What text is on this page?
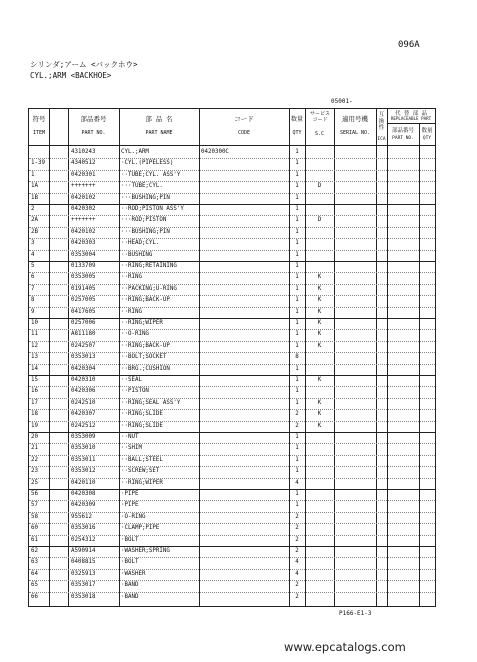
096A
シリンダ;アーム <バックホウ>
CYL.;ARM <BACKHOE>
05001-
符号
ITEM
部品番号
PART NO.
部 品 名
PART NAME
コード
CODE
数量
QTY
サービス コード
S.C
適用号機
SERIAL NO.
互換性
ICA
代 替 部 品
REPLACEABLE PART
部品番号
PART NO.
数量
QTY
4310243	CYL.;ARM	0420300C	1
1-39	4340512	·CYL.(PIPELESS)	1
1	0420301	··TUBE;CYL. ASS'Y	1
1A	+++++++	···TUBE;CYL.	1	D
1B	0420102	···BUSHING;PIN	1
2	0420302	··ROD;PISTON ASS'Y	1
2A	+++++++	···ROD;PISTON	1	D
2B	0420102	···BUSHING;PIN	1
3	0420303	··HEAD;CYL.	1
4	0353004	··BUSHING	1
5	0133709	··RING;RETAINING	1
6	0353005	··RING	1	K
7	0191405	··PACKING;U-RING	1	K
8	0257005	··RING;BACK-UP	1	K
9	0417605	··RING	1	K
10	0257006	··RING;WIPER	1	K
11	A811180	··O-RING	1	K
12	0242507	··RING;BACK-UP	1	K
13	0353013	··BOLT;SOCKET	8
14	0420304	··BRG.;CUSHION	1
15	0420310	··SEAL	1	K
16	0420306	··PISTON	1
17	0242510	··RING;SEAL ASS'Y	1	K
18	0420307	··RING;SLIDE	2	K
19	0242512	··RING;SLIDE	2	K
20	0353009	··NUT	1
21	0353010	··SHIM	1
22	0353011	··BALL;STEEL	1
23	0353012	··SCREW;SET	1
25	0420110	··RING;WIPER	4
56	0420308	·PIPE	1
57	0420309	·PIPE	1
58	955612	·O-RING	2
60	0353016	·CLAMP;PIPE	2
61	0254312	·BOLT	2
62	A590914	·WASHER;SPRING	2
63	0408815	·BOLT	4
64	0325913	·WASHER	4
65	0353017	·BAND	2
66	0353018	·BAND	2
P166-E1-3
www.epcatalogs.com
